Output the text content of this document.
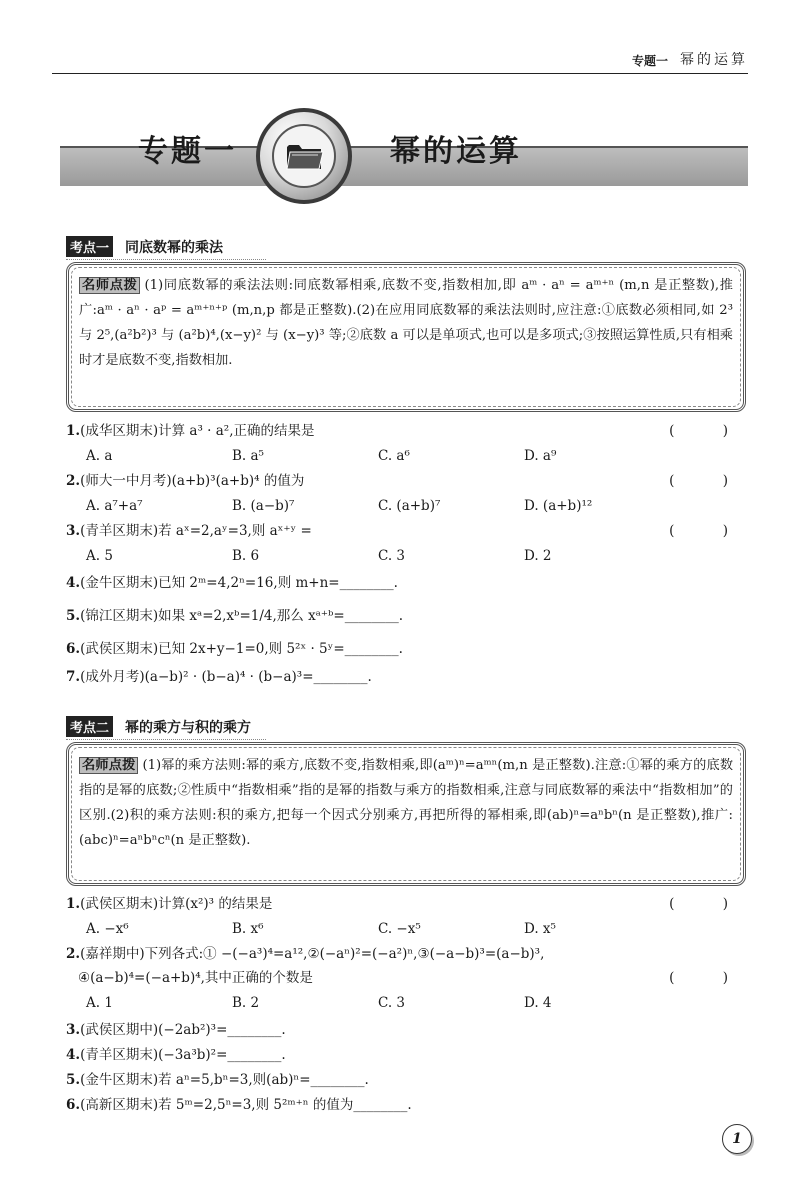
专题一 幂的运算
专题一	幂的运算
考点一 同底数幂的乘法
名师点拨 (1)同底数幂的乘法法则:同底数幂相乘,底数不变,指数相加,即 aᵐ · aⁿ = aᵐ⁺ⁿ (m,n 是正整数),推广:aᵐ · aⁿ · aᵖ = aᵐ⁺ⁿ⁺ᵖ (m,n,p 都是正整数).(2)在应用同底数幂的乘法法则时,应注意:①底数必须相同,如 2³ 与 2⁵,(a²b²)³ 与 (a²b)⁴,(x−y)² 与 (x−y)³ 等;②底数 a 可以是单项式,也可以是多项式;③按照运算性质,只有相乘时才是底数不变,指数相加.
1.(成华区期末)计算 a³ · a²,正确的结果是	( )
A. a	B. a⁵	C. a⁶	D. a⁹
2.(师大一中月考)(a+b)³(a+b)⁴ 的值为	( )
A. a⁷+a⁷	B. (a−b)⁷	C. (a+b)⁷	D. (a+b)¹²
3.(青羊区期末)若 aˣ=2,aʸ=3,则 aˣ⁺ʸ =	( )
A. 5	B. 6	C. 3	D. 2
4.(金牛区期末)已知 2ᵐ=4,2ⁿ=16,则 m+n=________.
5.(锦江区期末)如果 xᵃ=2,xᵇ=1/4,那么 xᵃ⁺ᵇ=________.
6.(武侯区期末)已知 2x+y−1=0,则 5²ˣ · 5ʸ=________.
7.(成外月考)(a−b)² · (b−a)⁴ · (b−a)³=________.
考点二 幂的乘方与积的乘方
名师点拨 (1)幂的乘方法则:幂的乘方,底数不变,指数相乘,即(aᵐ)ⁿ=aᵐⁿ(m,n 是正整数).注意:①幂的乘方的底数指的是幂的底数;②性质中“指数相乘”指的是幂的指数与乘方的指数相乘,注意与同底数幂的乘法中“指数相加”的区别.(2)积的乘方法则:积的乘方,把每一个因式分别乘方,再把所得的幂相乘,即(ab)ⁿ=aⁿbⁿ(n 是正整数),推广:(abc)ⁿ=aⁿbⁿcⁿ(n 是正整数).
1.(武侯区期末)计算(x²)³ 的结果是	( )
A. −x⁶	B. x⁶	C. −x⁵	D. x⁵
2.(嘉祥期中)下列各式:① −(−a³)⁴=a¹²,②(−aⁿ)²=(−a²)ⁿ,③(−a−b)³=(a−b)³,
④(a−b)⁴=(−a+b)⁴,其中正确的个数是	( )
A. 1	B. 2	C. 3	D. 4
3.(武侯区期中)(−2ab²)³=________.
4.(青羊区期末)(−3a³b)²=________.
5.(金牛区期末)若 aⁿ=5,bⁿ=3,则(ab)ⁿ=________.
6.(高新区期末)若 5ᵐ=2,5ⁿ=3,则 5²ᵐ⁺ⁿ 的值为________.
1
